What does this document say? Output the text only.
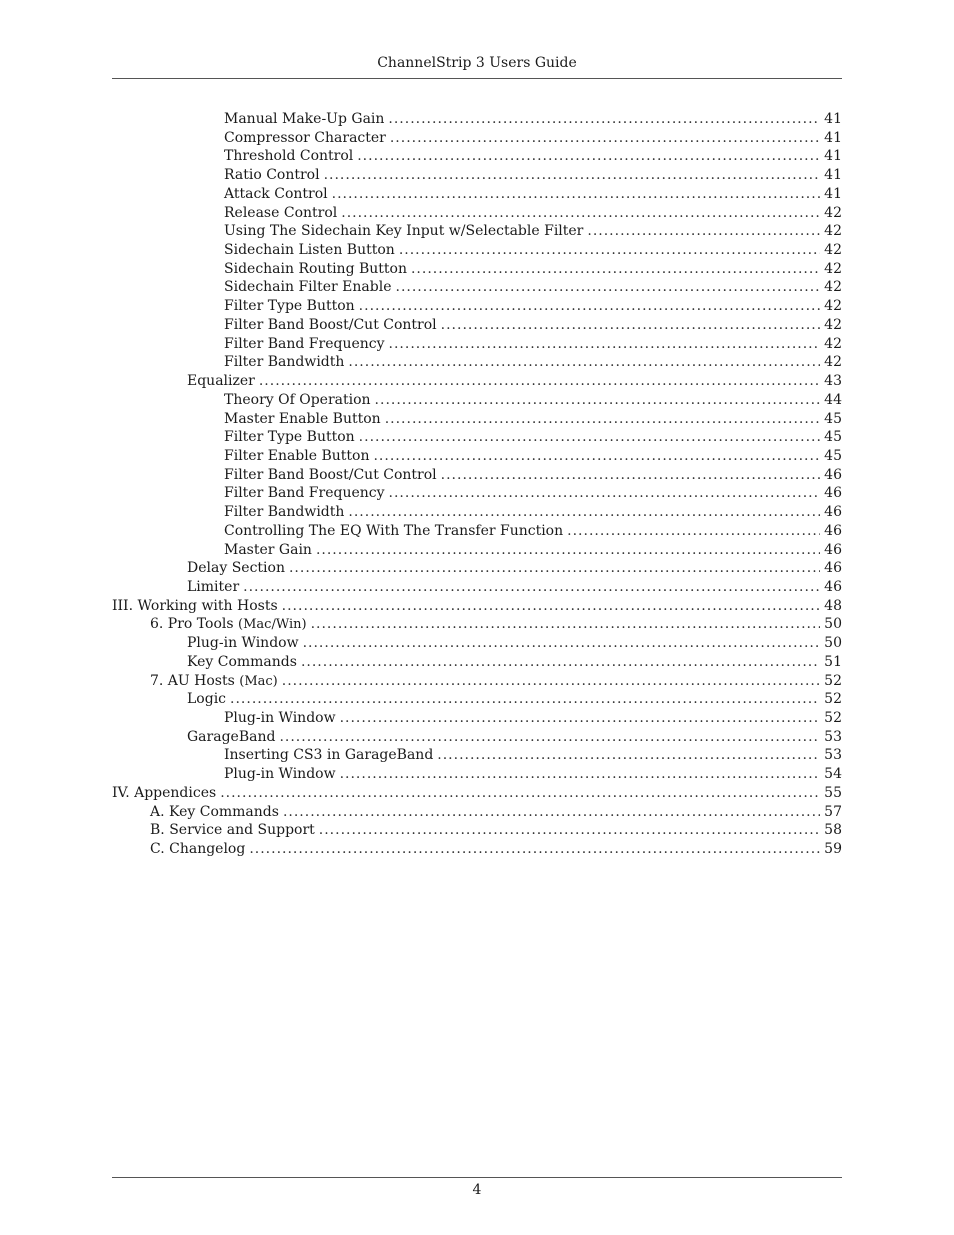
ChannelStrip 3 Users Guide
Manual Make-Up Gain .....	41
Compressor Character .....	41
Threshold Control .....	41
Ratio Control .....	41
Attack Control .....	41
Release Control .....	42
Using The Sidechain Key Input w/Selectable Filter .....	42
Sidechain Listen Button .....	42
Sidechain Routing Button .....	42
Sidechain Filter Enable .....	42
Filter Type Button .....	42
Filter Band Boost/Cut Control .....	42
Filter Band Frequency .....	42
Filter Bandwidth .....	42
Equalizer .....	43
Theory Of Operation .....	44
Master Enable Button .....	45
Filter Type Button .....	45
Filter Enable Button .....	45
Filter Band Boost/Cut Control .....	46
Filter Band Frequency .....	46
Filter Bandwidth .....	46
Controlling The EQ With The Transfer Function .....	46
Master Gain .....	46
Delay Section .....	46
Limiter .....	46
III. Working with Hosts .....	48
6. Pro Tools (Mac/Win) .....	50
Plug-in Window .....	50
Key Commands .....	51
7. AU Hosts (Mac) .....	52
Logic .....	52
Plug-in Window .....	52
GarageBand .....	53
Inserting CS3 in GarageBand .....	53
Plug-in Window .....	54
IV. Appendices .....	55
A. Key Commands .....	57
B. Service and Support .....	58
C. Changelog .....	59
4
